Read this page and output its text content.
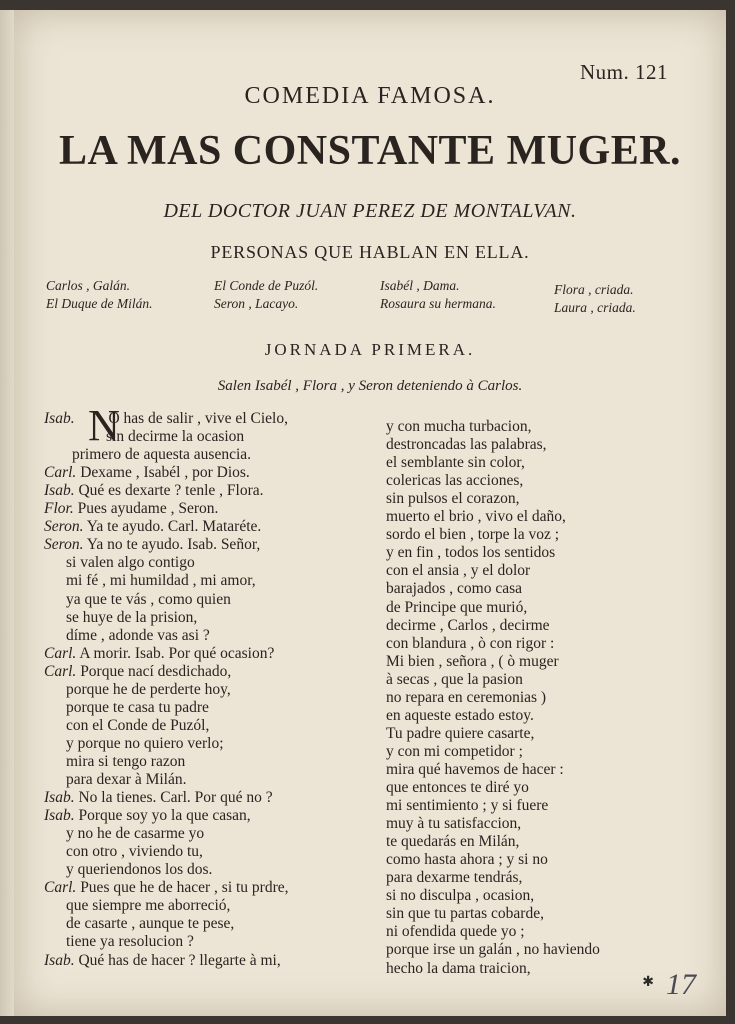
Num. 121
COMEDIA FAMOSA.
LA MAS CONSTANTE MUGER.
DEL DOCTOR JUAN PEREZ DE MONTALVAN.
PERSONAS QUE HABLAN EN ELLA.
Carlos , Galán.
El Duque de Milán.
El Conde de Puzól.
Seron , Lacayo.
Isabél , Dama.
Rosaura su hermana.
Flora , criada.
Laura , criada.
JORNADA PRIMERA.
Salen Isabél , Flora , y Seron deteniendo à Carlos.
N
Isab. O has de salir , vive el Cielo,
sin decirme la ocasion
primero de aquesta ausencia.
Carl. Dexame , Isabél , por Dios.
Isab. Qué es dexarte ? tenle , Flora.
Flor. Pues ayudame , Seron.
Seron. Ya te ayudo. Carl. Mataréte.
Seron. Ya no te ayudo. Isab. Señor,
si valen algo contigo
mi fé , mi humildad , mi amor,
ya que te vás , como quien
se huye de la prision,
díme , adonde vas asi ?
Carl. A morir. Isab. Por qué ocasion?
Carl. Porque nací desdichado,
porque he de perderte hoy,
porque te casa tu padre
con el Conde de Puzól,
y porque no quiero verlo;
mira si tengo razon
para dexar à Milán.
Isab. No la tienes. Carl. Por qué no ?
Isab. Porque soy yo la que casan,
y no he de casarme yo
con otro , viviendo tu,
y queriendonos los dos.
Carl. Pues que he de hacer , si tu prdre,
que siempre me aborreció,
de casarte , aunque te pese,
tiene ya resolucion ?
Isab. Qué has de hacer ? llegarte à mi,
y con mucha turbacion,
destroncadas las palabras,
el semblante sin color,
colericas las acciones,
sin pulsos el corazon,
muerto el brio , vivo el daño,
sordo el bien , torpe la voz ;
y en fin , todos los sentidos
con el ansia , y el dolor
barajados , como casa
de Principe que murió,
decirme , Carlos , decirme
con blandura , ò con rigor :
Mi bien , señora , ( ò muger
à secas , que la pasion
no repara en ceremonias )
en aqueste estado estoy.
Tu padre quiere casarte,
y con mi competidor ;
mira qué havemos de hacer :
que entonces te diré yo
mi sentimiento ; y si fuere
muy à tu satisfaccion,
te quedarás en Milán,
como hasta ahora ; y si no
para dexarme tendrás,
si no disculpa , ocasion,
sin que tu partas cobarde,
ni ofendida quede yo ;
porque irse un galán , no haviendo
hecho la dama traicion,
✱ 17
